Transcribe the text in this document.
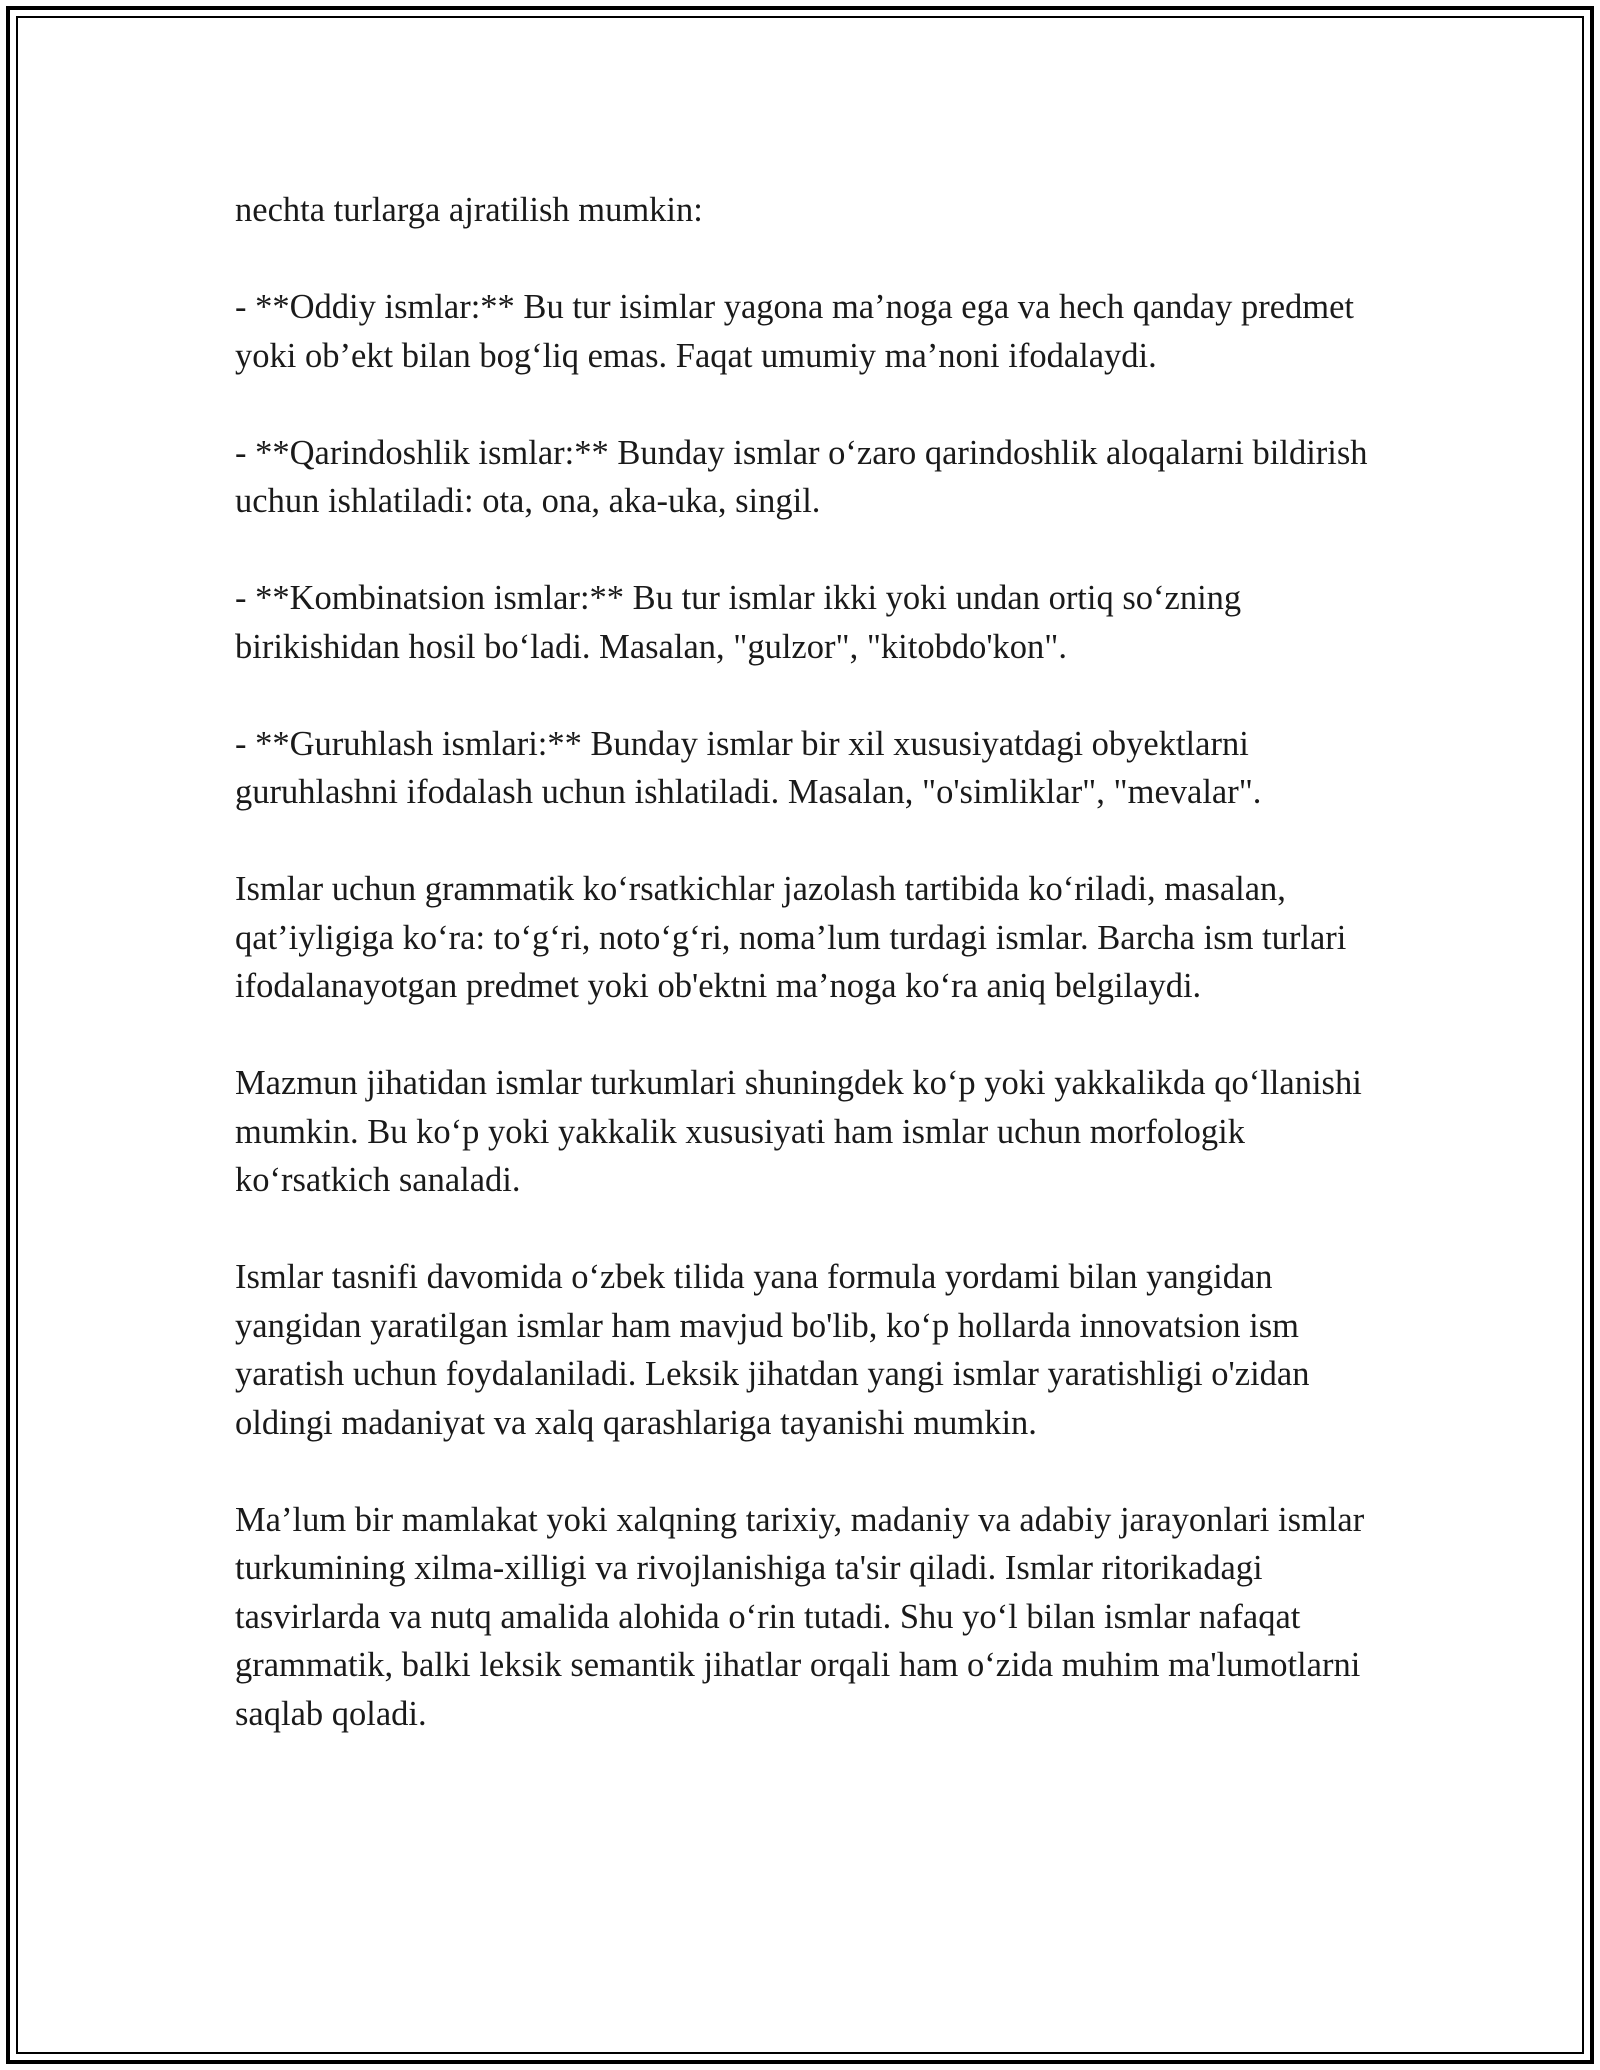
nechta turlarga ajratilish mumkin:

- **Oddiy ismlar:** Bu tur isimlar yagona ma’noga ega va hech qanday predmet yoki ob’ekt bilan bog‘liq emas. Faqat umumiy ma’noni ifodalaydi.

- **Qarindoshlik ismlar:** Bunday ismlar o‘zaro qarindoshlik aloqalarni bildirish uchun ishlatiladi: ota, ona, aka-uka, singil.

- **Kombinatsion ismlar:** Bu tur ismlar ikki yoki undan ortiq so‘zning birikishidan hosil bo‘ladi. Masalan, "gulzor", "kitobdo'kon".

- **Guruhlash ismlari:** Bunday ismlar bir xil xususiyatdagi obyektlarni guruhlashni ifodalash uchun ishlatiladi. Masalan, "o'simliklar", "mevalar".

Ismlar uchun grammatik ko‘rsatkichlar jazolash tartibida ko‘riladi, masalan, qat’iyligiga ko‘ra: to‘g‘ri, noto‘g‘ri, noma’lum turdagi ismlar. Barcha ism turlari ifodalanayotgan predmet yoki ob'ektni ma’noga ko‘ra aniq belgilaydi.

Mazmun jihatidan ismlar turkumlari shuningdek ko‘p yoki yakkalikda qo‘llanishi mumkin. Bu ko‘p yoki yakkalik xususiyati ham ismlar uchun morfologik ko‘rsatkich sanaladi.

Ismlar tasnifi davomida o‘zbek tilida yana formula yordami bilan yangidan yangidan yaratilgan ismlar ham mavjud bo'lib, ko‘p hollarda innovatsion ism yaratish uchun foydalaniladi. Leksik jihatdan yangi ismlar yaratishligi o'zidan oldingi madaniyat va xalq qarashlariga tayanishi mumkin.

Ma’lum bir mamlakat yoki xalqning tarixiy, madaniy va adabiy jarayonlari ismlar turkumining xilma-xilligi va rivojlanishiga ta'sir qiladi. Ismlar ritorikadagi tasvirlarda va nutq amalida alohida o‘rin tutadi. Shu yo‘l bilan ismlar nafaqat grammatik, balki leksik semantik jihatlar orqali ham o‘zida muhim ma'lumotlarni saqlab qoladi.
